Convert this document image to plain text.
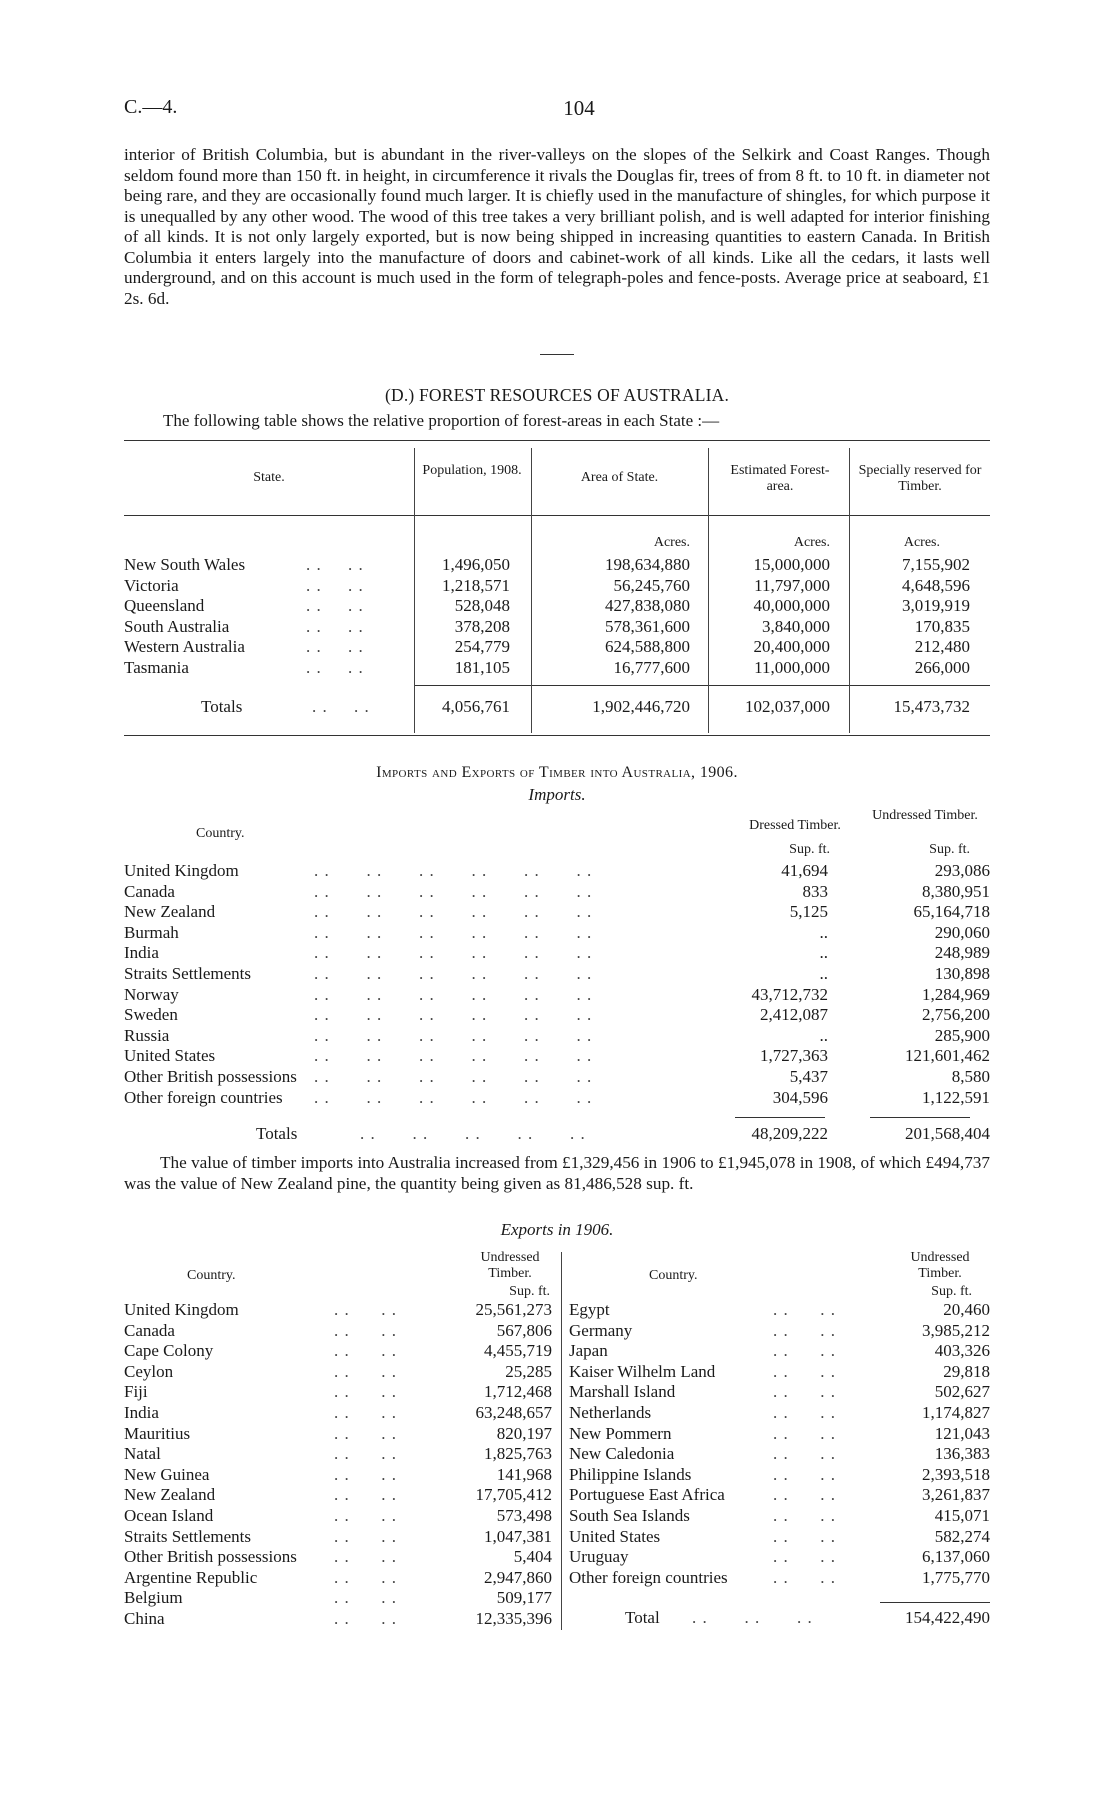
C.—4.	104

interior of British Columbia, but is abundant in the river-valleys on the slopes of the Selkirk and Coast Ranges. Though seldom found more than 150 ft. in height, in circumference it rivals the Douglas fir, trees of from 8 ft. to 10 ft. in diameter not being rare, and they are occasionally found much larger. It is chiefly used in the manufacture of shingles, for which purpose it is unequalled by any other wood. The wood of this tree takes a very brilliant polish, and is well adapted for interior finishing of all kinds. It is not only largely exported, but is now being shipped in increasing quantities to eastern Canada. In British Columbia it enters largely into the manufacture of doors and cabinet-work of all kinds. Like all the cedars, it lasts well underground, and on this account is much used in the form of telegraph-poles and fence-posts. Average price at seaboard, £1 2s. 6d.

(D.) FOREST RESOURCES OF AUSTRALIA.
The following table shows the relative proportion of forest-areas in each State :—
State.	Population, 1908.	Area of State.	Estimated Forest-area.
Specially reserved for Timber.
Acres.	Acres.	Acres.
New South Wales	. .     . .	1,496,050	198,634,880	15,000,000	7,155,902
Victoria	. .     . .	1,218,571	56,245,760	11,797,000	4,648,596
Queensland	. .     . .	528,048	427,838,080	40,000,000	3,019,919
South Australia	. .     . .	378,208	578,361,600	3,840,000	170,835
Western Australia	. .     . .	254,779	624,588,800	20,400,000	212,480
Tasmania	. .     . .	181,105	16,777,600	11,000,000	266,000
Totals	. .     . .	4,056,761	1,902,446,720	102,037,000	15,473,732
Imports and Exports of Timber into Australia, 1906.
Imports.
Country.
Dressed Timber.
Undressed Timber.
Sup. ft.	Sup. ft.
United Kingdom	. .       . .       . .       . .       . .       . .	41,694	293,086
Canada	. .       . .       . .       . .       . .       . .	833	8,380,951
New Zealand	. .       . .       . .       . .       . .       . .	5,125	65,164,718
Burmah	. .       . .       . .       . .       . .       . .	..	290,060
India	. .       . .       . .       . .       . .       . .	..	248,989
Straits Settlements	. .       . .       . .       . .       . .       . .	..	130,898
Norway	. .       . .       . .       . .       . .       . .	43,712,732	1,284,969
Sweden	. .       . .       . .       . .       . .       . .	2,412,087	2,756,200
Russia	. .       . .       . .       . .       . .       . .	..	285,900
United States	. .       . .       . .       . .       . .       . .	1,727,363	121,601,462
Other British possessions . .       . .       . .       . .       . .       . .	5,437	8,580
Other foreign countries . .       . .       . .       . .       . .       . .	304,596	1,122,591
Totals	. .       . .       . .       . .       . .	48,209,222	201,568,404

The value of timber imports into Australia increased from £1,329,456 in 1906 to £1,945,078 in 1908, of which £494,737 was the value of New Zealand pine, the quantity being given as 81,486,528 sup. ft.

Exports in 1906.
Country.
Undressed Timber.
Sup. ft.
Country.
Undressed Timber.
Sup. ft.
United Kingdom	. .      . .	25,561,273
Canada	. .      . .	567,806
Cape Colony	. .      . .	4,455,719
Ceylon	. .      . .	25,285
Fiji	. .      . .	1,712,468
India	. .      . .	63,248,657
Mauritius	. .      . .	820,197
Natal	. .      . .	1,825,763
New Guinea	. .      . .	141,968
New Zealand	. .      . .	17,705,412
Ocean Island	. .      . .	573,498
Straits Settlements	. .      . .	1,047,381
Other British possessions . .      . .	5,404
Argentine Republic	. .      . .	2,947,860
Belgium	. .      . .	509,177
China	. .      . .	12,335,396
Egypt	. .      . .	20,460
Germany	. .      . .	3,985,212
Japan	. .      . .	403,326
Kaiser Wilhelm Land	. .      . .	29,818
Marshall Island	. .      . .	502,627
Netherlands	. .      . .	1,174,827
New Pommern	. .      . .	121,043
New Caledonia	. .      . .	136,383
Philippine Islands	. .      . .	2,393,518
Portuguese East Africa	. .      . .	3,261,837
South Sea Islands	. .      . .	415,071
United States	. .      . .	582,274
Uruguay	. .      . .	6,137,060
Other foreign countries	. .      . .	1,775,770
Total . .       . .       . .	154,422,490
